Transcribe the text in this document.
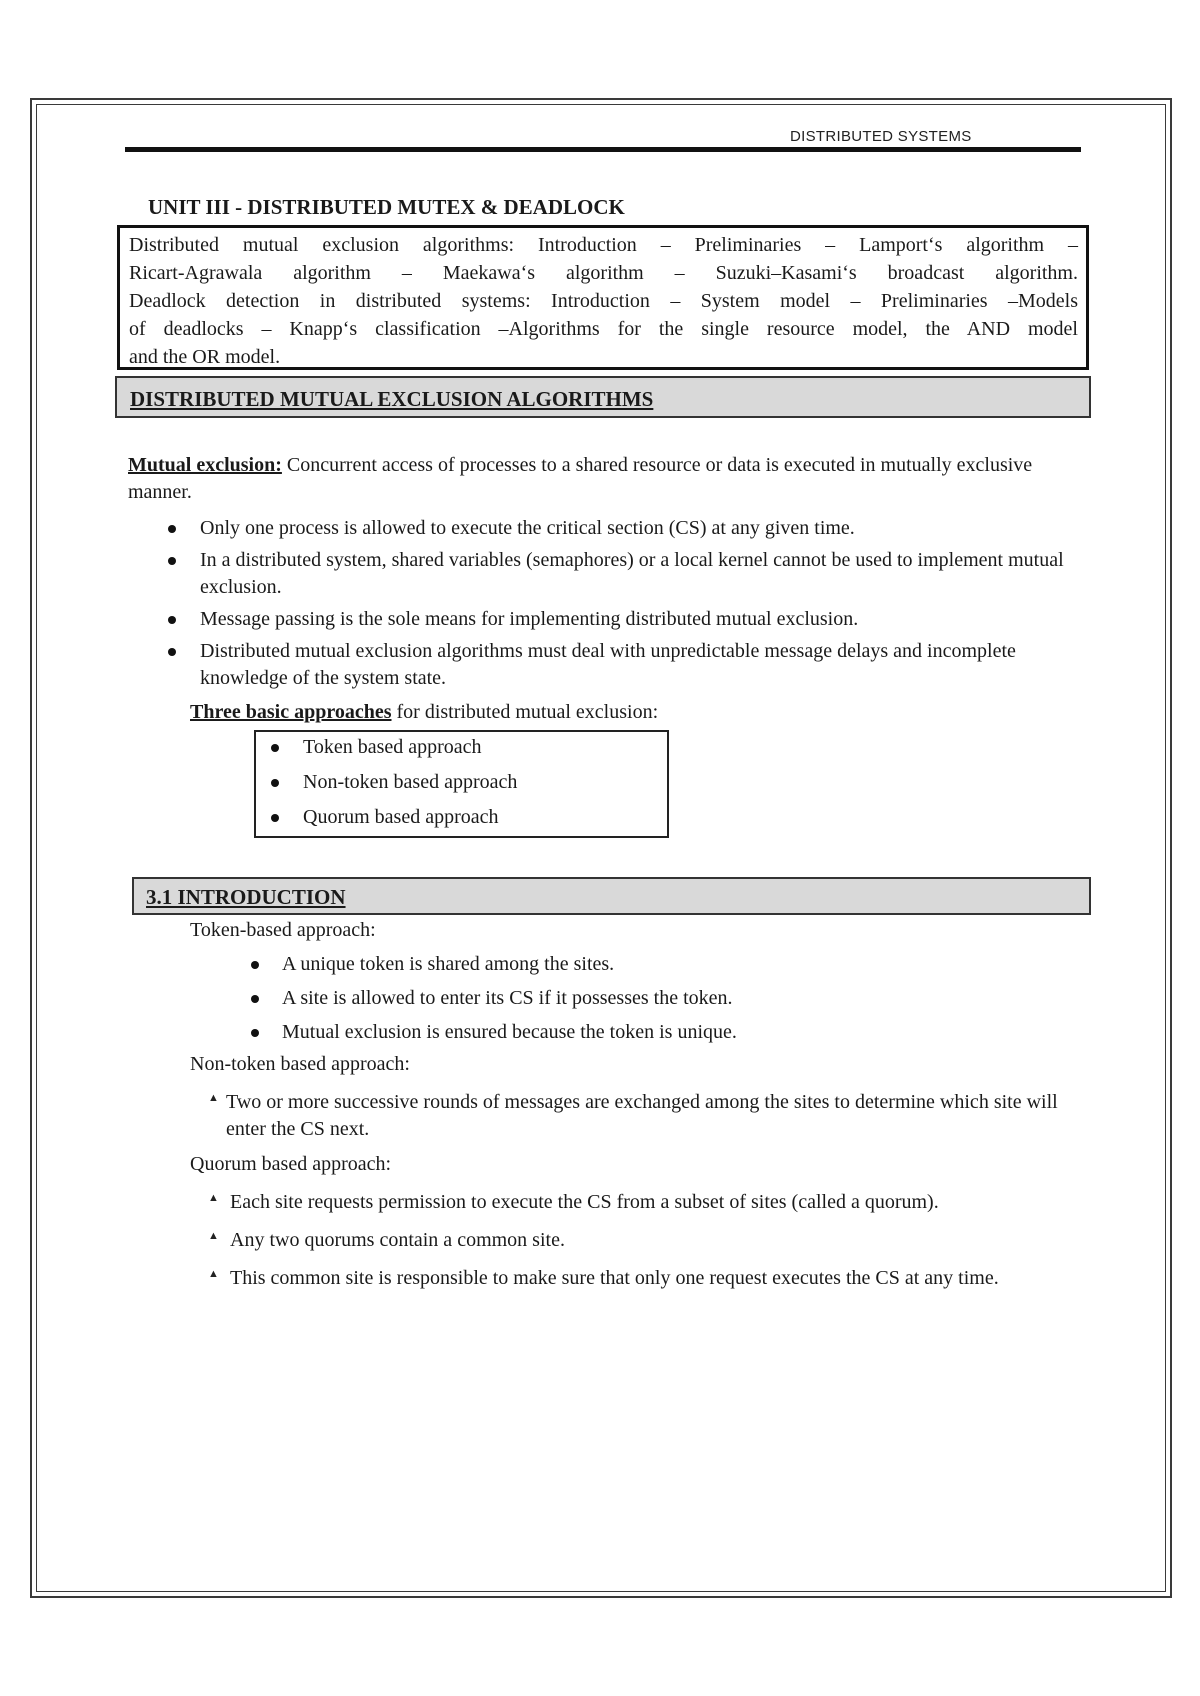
DISTRIBUTED SYSTEMS
UNIT III - DISTRIBUTED MUTEX & DEADLOCK
Distributed mutual exclusion algorithms: Introduction – Preliminaries – Lamport‘s algorithm –
Ricart-Agrawala algorithm – Maekawa‘s algorithm – Suzuki–Kasami‘s broadcast algorithm.
Deadlock detection in distributed systems: Introduction – System model – Preliminaries –Models
of deadlocks – Knapp‘s classification –Algorithms for the single resource model, the AND model
and the OR model.
DISTRIBUTED MUTUAL EXCLUSION ALGORITHMS
Mutual exclusion: Concurrent access of processes to a shared resource or data is executed in mutually exclusive manner.
Only one process is allowed to execute the critical section (CS) at any given time.
In a distributed system, shared variables (semaphores) or a local kernel cannot be used to implement mutual exclusion.
Message passing is the sole means for implementing distributed mutual exclusion.
Distributed mutual exclusion algorithms must deal with unpredictable message delays and incomplete knowledge of the system state.
Three basic approaches for distributed mutual exclusion:
Token based approach
Non-token based approach
Quorum based approach
3.1 INTRODUCTION
Token-based approach:
A unique token is shared among the sites.
A site is allowed to enter its CS if it possesses the token.
Mutual exclusion is ensured because the token is unique.
Non-token based approach:
▲ Two or more successive rounds of messages are exchanged among the sites to determine which site will enter the CS next.
Quorum based approach:
▲ Each site requests permission to execute the CS from a subset of sites (called a quorum).
▲ Any two quorums contain a common site.
▲ This common site is responsible to make sure that only one request executes the CS at any time.
